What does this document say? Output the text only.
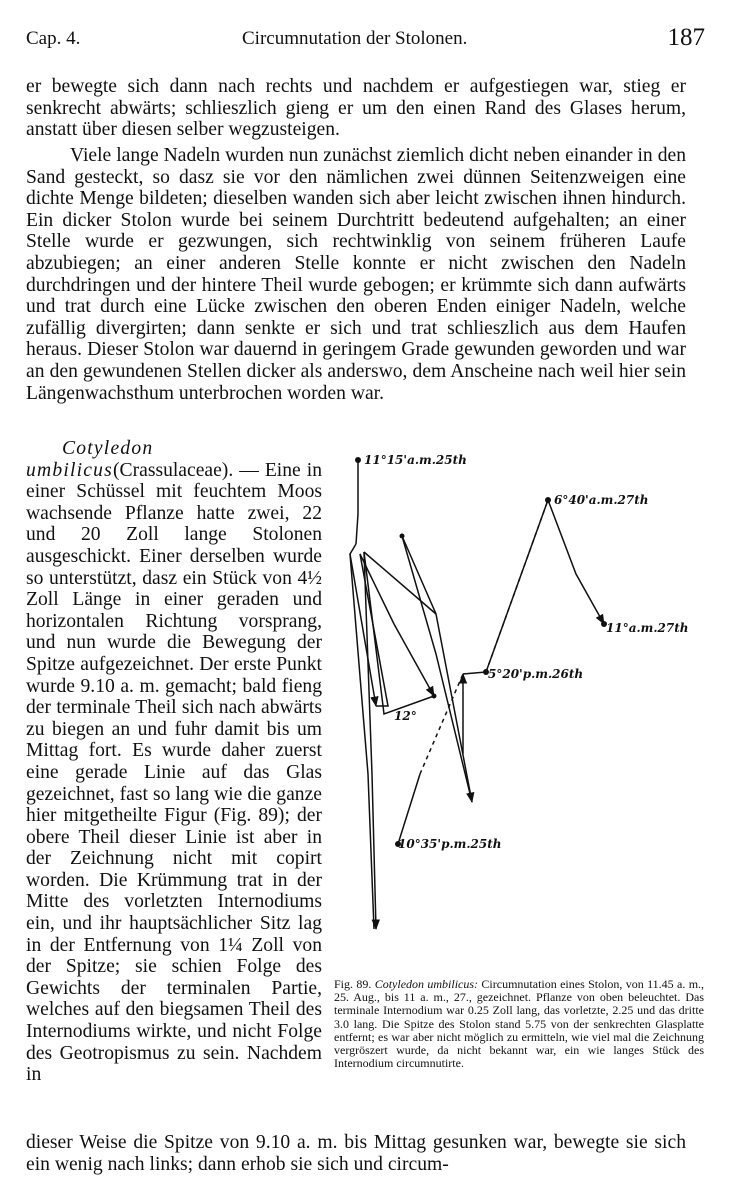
Cap. 4.	Circumnutation der Stolonen.	187
er bewegte sich dann nach rechts und nachdem er aufgestiegen war, stieg er senkrecht abwärts; schlieszlich gieng er um den einen Rand des Glases herum, anstatt über diesen selber wegzusteigen.
Viele lange Nadeln wurden nun zunächst ziemlich dicht neben einander in den Sand gesteckt, so dasz sie vor den nämlichen zwei dünnen Seitenzweigen eine dichte Menge bildeten; dieselben wanden sich aber leicht zwischen ihnen hindurch. Ein dicker Stolon wurde bei seinem Durchtritt bedeutend aufgehalten; an einer Stelle wurde er gezwungen, sich rechtwinklig von seinem früheren Laufe abzubiegen; an einer anderen Stelle konnte er nicht zwischen den Nadeln durchdringen und der hintere Theil wurde gebogen; er krümmte sich dann aufwärts und trat durch eine Lücke zwischen den oberen Enden einiger Nadeln, welche zufällig divergirten; dann senkte er sich und trat schlieszlich aus dem Haufen heraus. Dieser Stolon war dauernd in geringem Grade gewunden geworden und war an den gewundenen Stellen dicker als anderswo, dem Anscheine nach weil hier sein Längenwachsthum unterbrochen worden war.
Cotyledon umbilicus(Crassulaceae). — Eine in einer Schüssel mit feuchtem Moos wachsende Pflanze hatte zwei, 22 und 20 Zoll lange Stolonen ausgeschickt. Einer derselben wurde so unterstützt, dasz ein Stück von 4½ Zoll Länge in einer geraden und horizontalen Richtung vorsprang, und nun wurde die Bewegung der Spitze aufgezeichnet. Der erste Punkt wurde 9.10 a. m. gemacht; bald fieng der terminale Theil sich nach abwärts zu biegen an und fuhr damit bis um Mittag fort. Es wurde daher zuerst eine gerade Linie auf das Glas gezeichnet, fast so lang wie die ganze hier mitgetheilte Figur (Fig. 89); der obere Theil dieser Linie ist aber in der Zeichnung nicht mit copirt worden. Die Krümmung trat in der Mitte des vorletzten Internodiums ein, und ihr hauptsächlicher Sitz lag in der Entfernung von 1¼ Zoll von der Spitze; sie schien Folge des Gewichts der terminalen Partie, welches auf den biegsamen Theil des Internodiums wirkte, und nicht Folge des Geotropismus zu sein. Nachdem in
11°15'a.m.25th
6°40'a.m.27th
11°a.m.27th
5°20'p.m.26th
12°
10°35'p.m.25th
Fig. 89. Cotyledon umbilicus: Circumnutation eines Stolon, von 11.45 a. m., 25. Aug., bis 11 a. m., 27., gezeichnet. Pflanze von oben beleuchtet. Das terminale Internodium war 0.25 Zoll lang, das vorletzte, 2.25 und das dritte 3.0 lang. Die Spitze des Stolon stand 5.75 von der senkrechten Glasplatte entfernt; es war aber nicht möglich zu ermitteln, wie viel mal die Zeichnung vergröszert wurde, da nicht bekannt war, ein wie langes Stück des Internodium circumnutirte.
dieser Weise die Spitze von 9.10 a. m. bis Mittag gesunken war, bewegte sie sich ein wenig nach links; dann erhob sie sich und circum-
